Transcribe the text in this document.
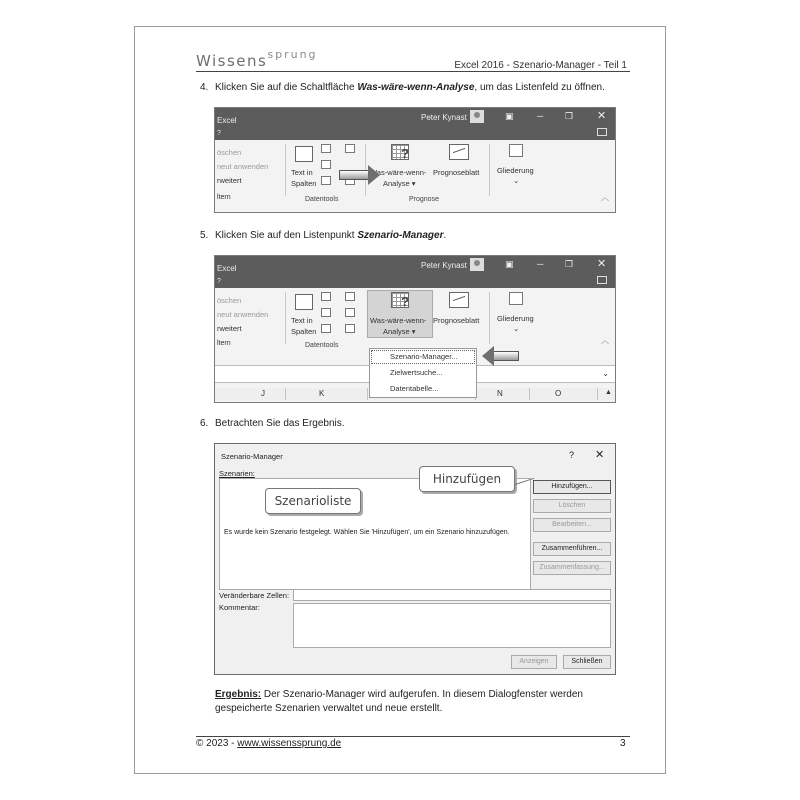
Wissens$^{sprung}$
Excel 2016 - Szenario-Manager - Teil 1
4. Klicken Sie auf die Schaltfläche Was-wäre-wenn-Analyse, um das Listenfeld zu öffnen.
Excel
?
Peter Kynast	▣	─ ❐ ✕
öschen
neut anwenden
rweitert
ltern
Text in
Spalten
Datentools
?
Was-wäre-wenn-
Analyse ▾
Prognoseblatt
Prognose
Gliederung
⌄
︿
5. Klicken Sie auf den Listenpunkt Szenario-Manager.
Excel
?
Peter Kynast	▣	─ ❐ ✕
öschen
neut anwenden
rweitert
ltern
Text in
Spalten
Datentools
?
Was-wäre-wenn-
Analyse ▾
Prognoseblatt Gliederung
⌄
︿
⌄
J	K	N	O	▲
Szenario-Manager...
Zielwertsuche...
Datentabelle...
6. Betrachten Sie das Ergebnis.
Szenario-Manager	? ✕
Szenarien:
Es wurde kein Szenario festgelegt. Wählen Sie 'Hinzufügen', um ein Szenario hinzuzufügen.
Hinzufügen...
Löschen
Bearbeiten...
Zusammenführen...
Zusammenfassung...
Veränderbare Zellen:
Kommentar:
Anzeigen	Schließen
Szenarioliste
Hinzufügen
Ergebnis: Der Szenario-Manager wird aufgerufen. In diesem Dialogfenster werden gespeicherte Szenarien verwaltet und neue erstellt.
© 2023 - www.wissenssprung.de	3
